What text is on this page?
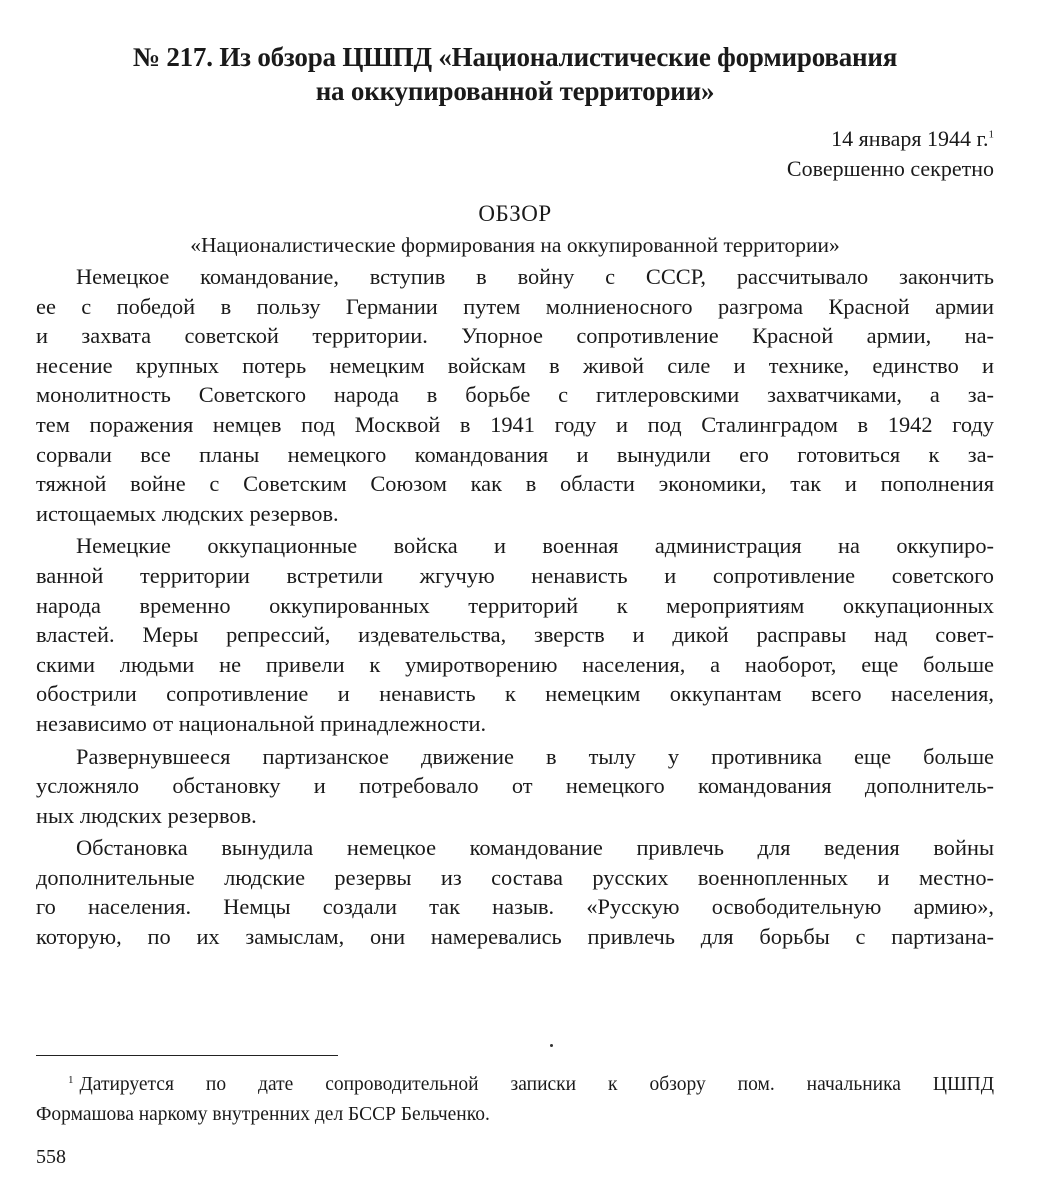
№ 217. Из обзора ЦШПД «Националистические формирования
на оккупированной территории»
14 января 1944 г.$^1$
Совершенно секретно
ОБЗОР
«Националистические формирования на оккупированной территории»

Немецкое командование, вступив в войну с СССР, рассчитывало закончить
ее с победой в пользу Германии путем молниеносного разгрома Красной армии
и захвата советской территории. Упорное сопротивление Красной армии, на-
несение крупных потерь немецким войскам в живой силе и технике, единство и
монолитность Советского народа в борьбе с гитлеровскими захватчиками, а за-
тем поражения немцев под Москвой в 1941 году и под Сталинградом в 1942 году
сорвали все планы немецкого командования и вынудили его готовиться к за-
тяжной войне с Советским Союзом как в области экономики, так и пополнения
истощаемых людских резервов.

Немецкие оккупационные войска и военная администрация на оккупиро-
ванной территории встретили жгучую ненависть и сопротивление советского
народа временно оккупированных территорий к мероприятиям оккупационных
властей. Меры репрессий, издевательства, зверств и дикой расправы над совет-
скими людьми не привели к умиротворению населения, а наоборот, еще больше
обострили сопротивление и ненависть к немецким оккупантам всего населения,
независимо от национальной принадлежности.

Развернувшееся партизанское движение в тылу у противника еще больше
усложняло обстановку и потребовало от немецкого командования дополнитель-
ных людских резервов.

Обстановка вынудила немецкое командование привлечь для ведения войны
дополнительные людские резервы из состава русских военнопленных и местно-
го населения. Немцы создали так назыв. «Русскую освободительную армию»,
которую, по их замыслам, они намеревались привлечь для борьбы с партизана-

$^1$ Датируется по дате сопроводительной записки к обзору пом. начальника ЦШПД
Формашова наркому внутренних дел БССР Бельченко.
558
